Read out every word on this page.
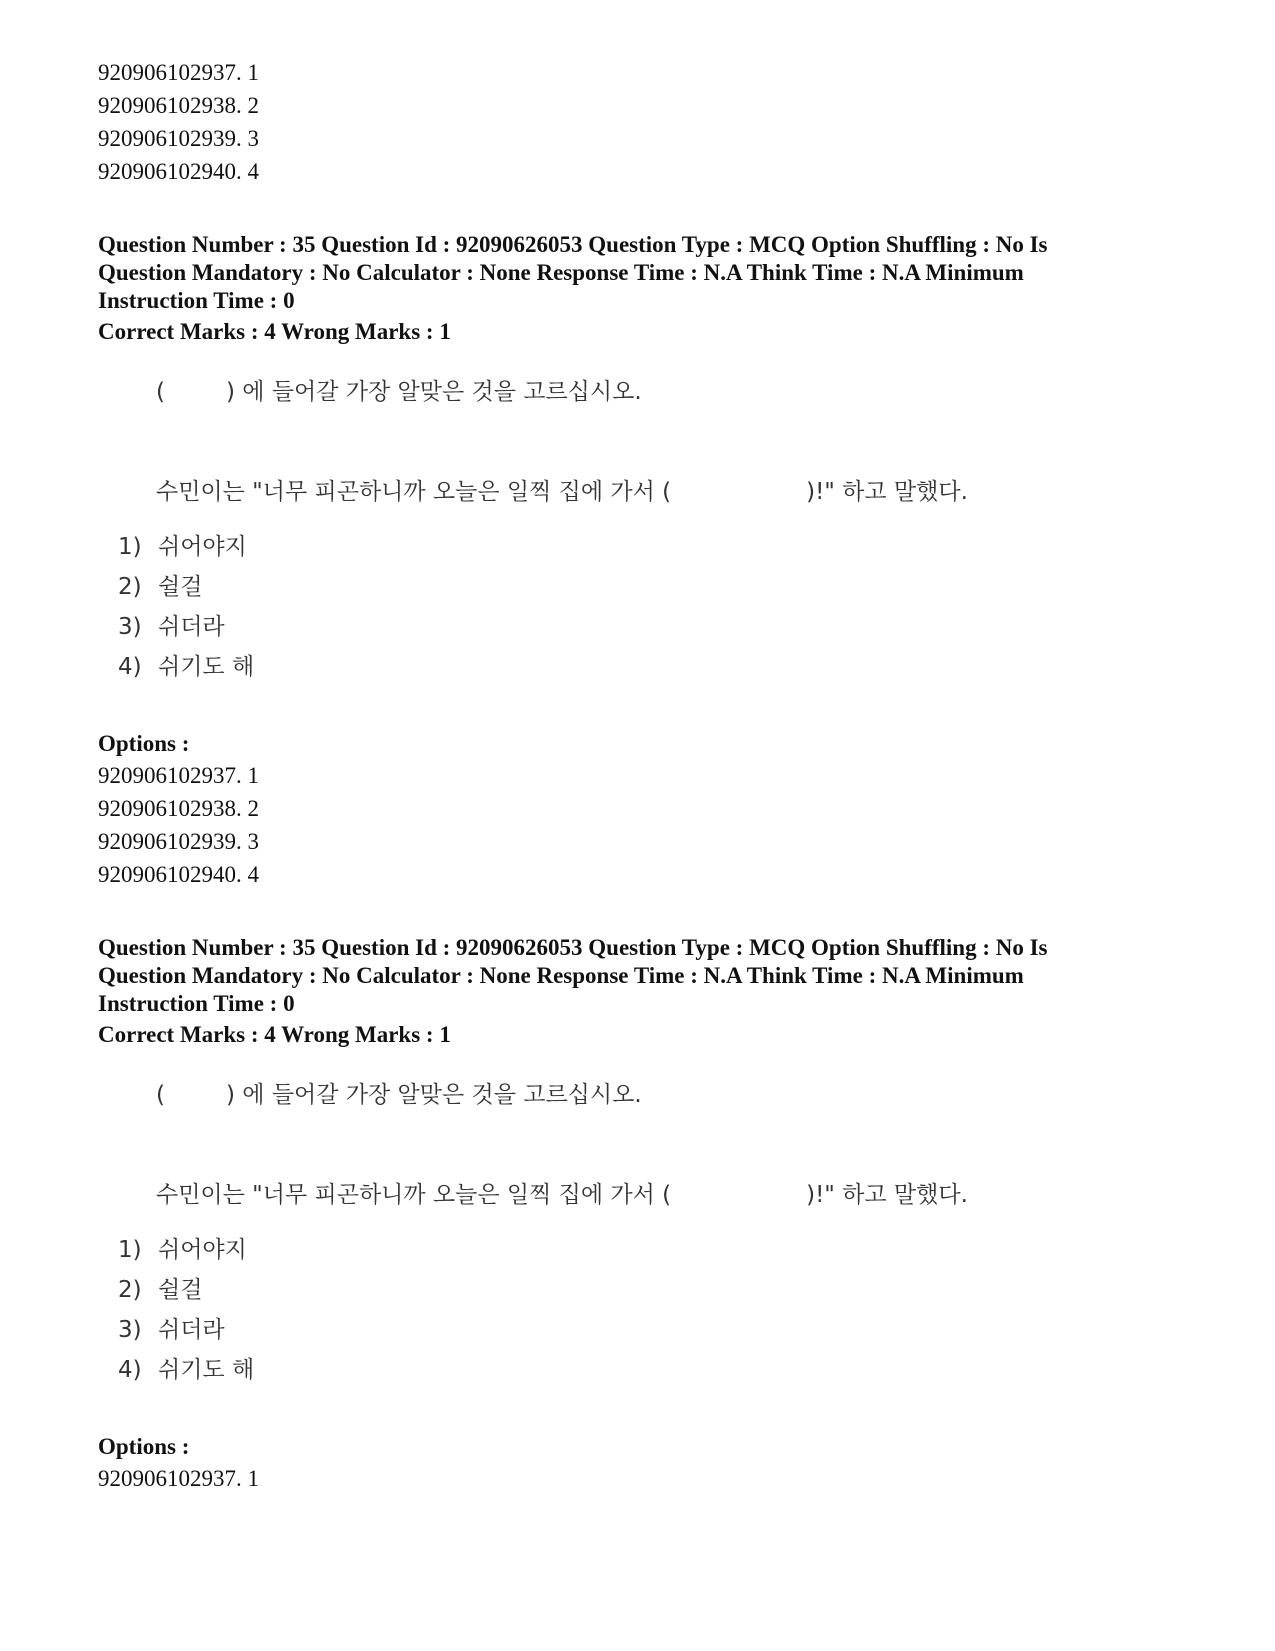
920906102937. 1
920906102938. 2
920906102939. 3
920906102940. 4
Question Number : 35 Question Id : 92090626053 Question Type : MCQ Option Shuffling : No Is
Question Mandatory : No Calculator : None Response Time : N.A Think Time : N.A Minimum
Instruction Time : 0
Correct Marks : 4 Wrong Marks : 1
(	) 에 들어갈 가장 알맞은 것을 고르십시오.
수민이는 "너무 피곤하니까 오늘은 일찍 집에 가서 (	)!" 하고 말했다.
1) 쉬어야지
2) 쉴걸
3) 쉬더라
4) 쉬기도 해
Options :
920906102937. 1
920906102938. 2
920906102939. 3
920906102940. 4
Question Number : 35 Question Id : 92090626053 Question Type : MCQ Option Shuffling : No Is
Question Mandatory : No Calculator : None Response Time : N.A Think Time : N.A Minimum
Instruction Time : 0
Correct Marks : 4 Wrong Marks : 1
(	) 에 들어갈 가장 알맞은 것을 고르십시오.
수민이는 "너무 피곤하니까 오늘은 일찍 집에 가서 (	)!" 하고 말했다.
1) 쉬어야지
2) 쉴걸
3) 쉬더라
4) 쉬기도 해
Options :
920906102937. 1
